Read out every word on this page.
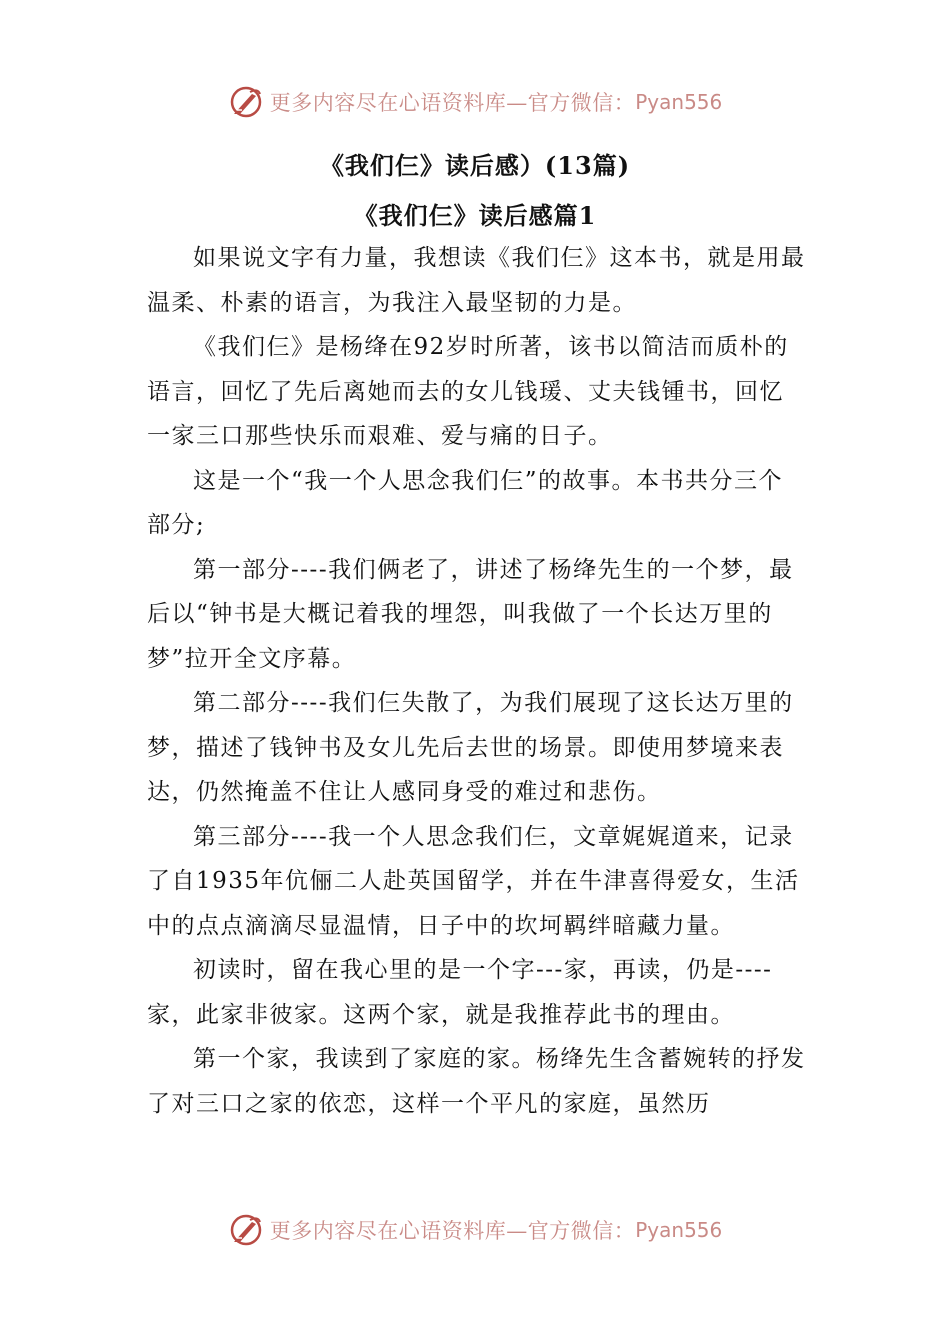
更多内容尽在心语资料库—官方微信： Pyan556
《我们仨》读后感）(13篇)
《我们仨》读后感篇1

如果说文字有力量，我想读《我们仨》这本书，就是用最温柔、朴素的语言，为我注入最坚韧的力是。

《我们仨》是杨绛在92岁时所著，该书以简洁而质朴的语言，回忆了先后离她而去的女儿钱瑗、丈夫钱锺书，回忆一家三口那些快乐而艰难、爱与痛的日子。

这是一个“我一个人思念我们仨”的故事。本书共分三个部分;

第一部分----我们俩老了，讲述了杨绛先生的一个梦，最后以“钟书是大概记着我的埋怨，叫我做了一个长达万里的梦”拉开全文序幕。

第二部分----我们仨失散了，为我们展现了这长达万里的梦，描述了钱钟书及女儿先后去世的场景。即使用梦境来表达，仍然掩盖不住让人感同身受的难过和悲伤。

第三部分----我一个人思念我们仨，文章娓娓道来，记录了自1935年伉俪二人赴英国留学，并在牛津喜得爱女，生活中的点点滴滴尽显温情，日子中的坎坷羁绊暗藏力量。

初读时，留在我心里的是一个字---家，再读，仍是----家，此家非彼家。这两个家，就是我推荐此书的理由。

第一个家，我读到了家庭的家。杨绛先生含蓄婉转的抒发了对三口之家的依恋，这样一个平凡的家庭，虽然历

更多内容尽在心语资料库—官方微信： Pyan556
